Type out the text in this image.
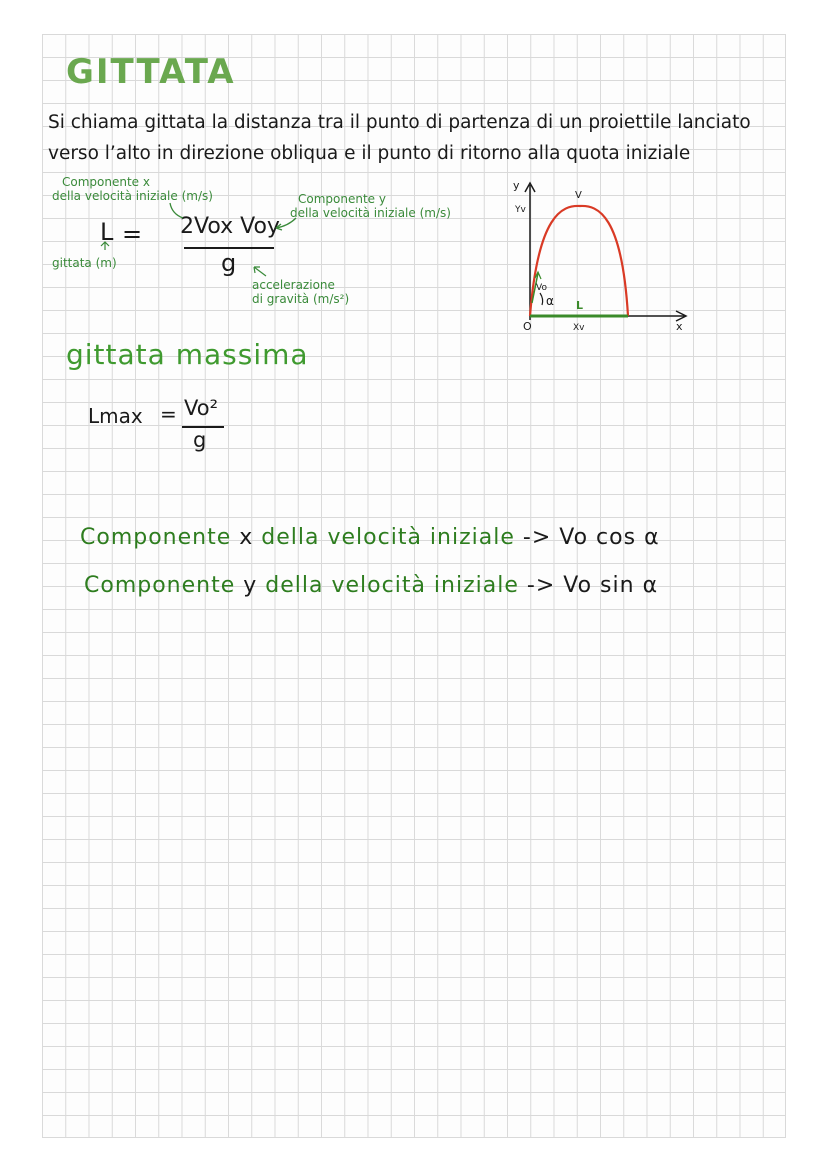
GITTATA
Si chiama gittata la distanza tra il punto di partenza di un proiettile lanciato
verso l’alto in direzione obliqua e il punto di ritorno alla quota iniziale
Componente x
della velocità iniziale (m/s)	Componente y
della velocità iniziale (m/s)
L = 2Vox Voy
g
gittata (m)
accelerazione
di gravità (m/s²)
y
Yv
V
Vo
α L
Xv
O	x
gittata massima
Lmax = Vo²
g
Componente x della velocità iniziale -> Vo cos α
Componente y della velocità iniziale -> Vo sin α
